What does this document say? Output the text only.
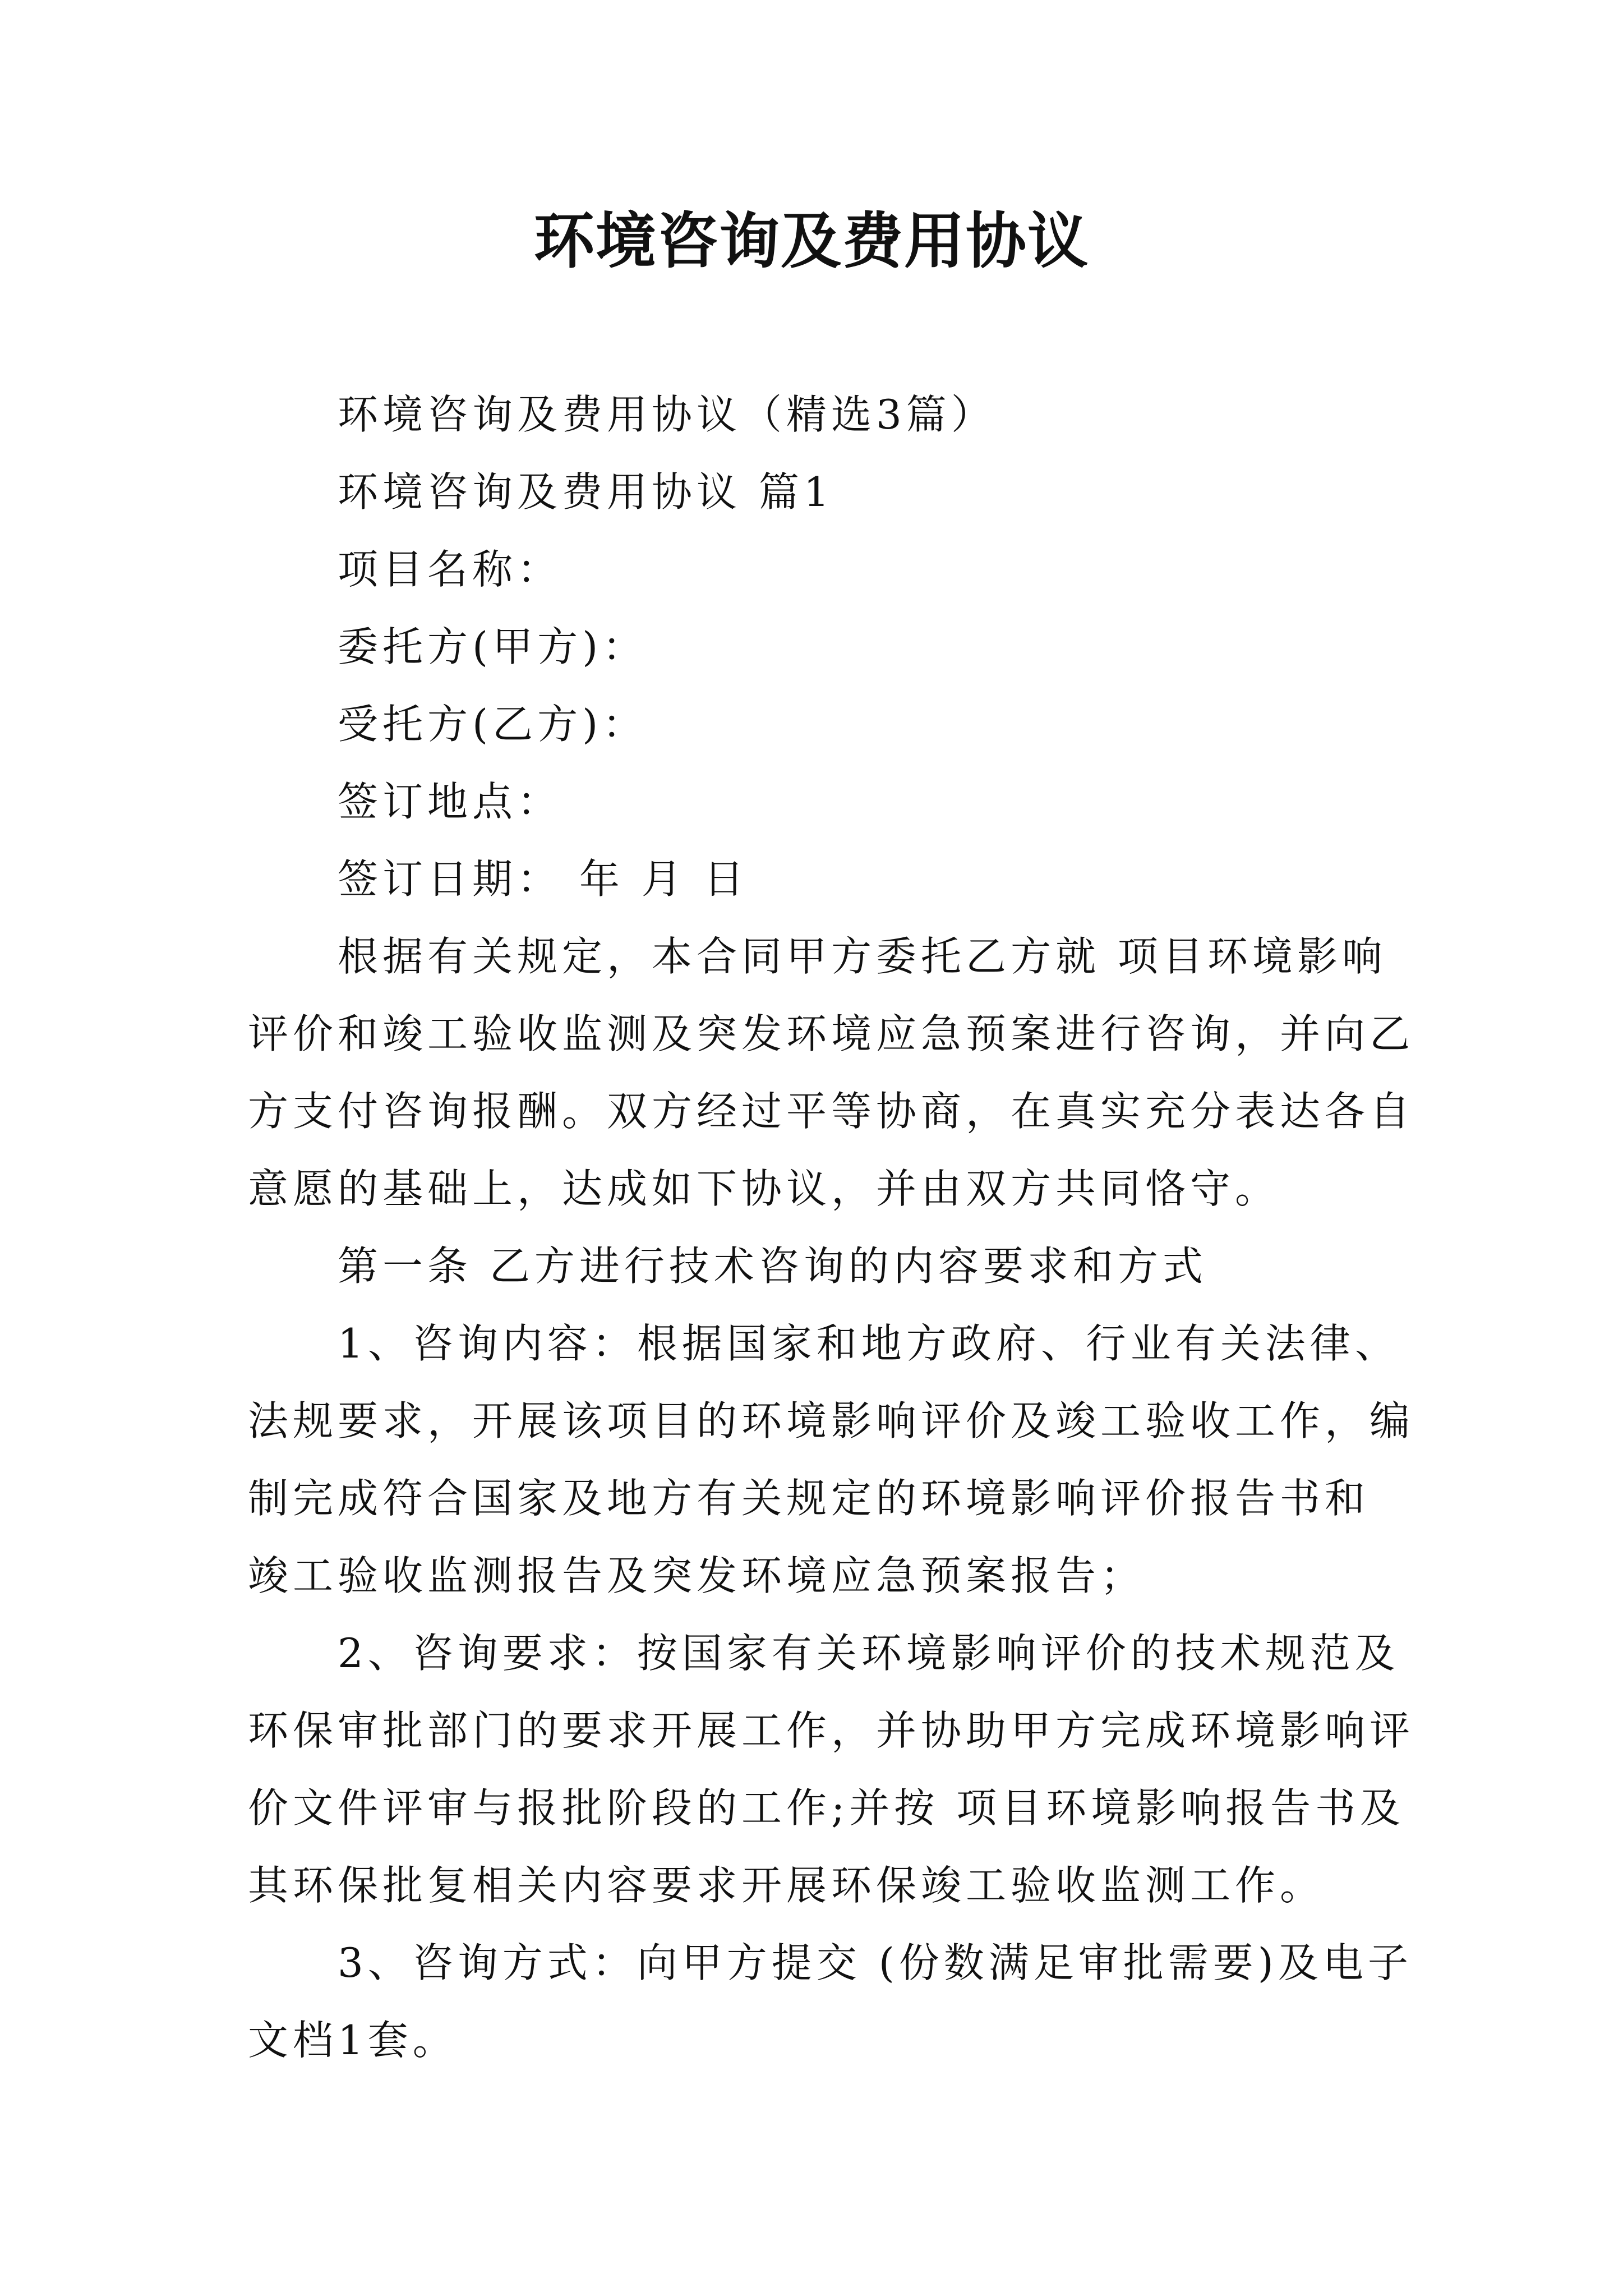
环境咨询及费用协议

环境咨询及费用协议（精选3篇）

环境咨询及费用协议 篇1

项目名称：

委托方(甲方)：

受托方(乙方)：

签订地点：

签订日期： 年 月 日

根据有关规定，本合同甲方委托乙方就 项目环境影响

评价和竣工验收监测及突发环境应急预案进行咨询，并向乙

方支付咨询报酬。双方经过平等协商，在真实充分表达各自

意愿的基础上，达成如下协议，并由双方共同恪守。

第一条 乙方进行技术咨询的内容要求和方式

1、咨询内容：根据国家和地方政府、行业有关法律、

法规要求，开展该项目的环境影响评价及竣工验收工作，编

制完成符合国家及地方有关规定的环境影响评价报告书和

竣工验收监测报告及突发环境应急预案报告；

2、咨询要求：按国家有关环境影响评价的技术规范及

环保审批部门的要求开展工作，并协助甲方完成环境影响评

价文件评审与报批阶段的工作;并按 项目环境影响报告书及

其环保批复相关内容要求开展环保竣工验收监测工作。

3、咨询方式：向甲方提交 (份数满足审批需要)及电子

文档1套。
